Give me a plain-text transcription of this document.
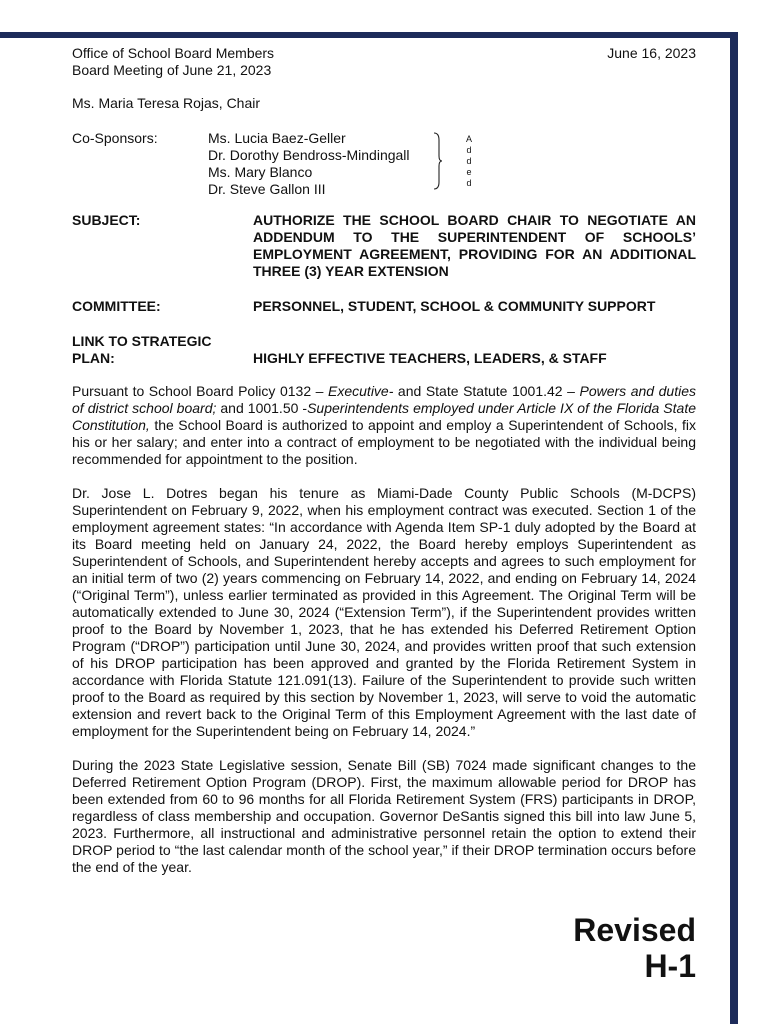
Office of School Board Members
Board Meeting of June 21, 2023
June 16, 2023
Ms. Maria Teresa Rojas, Chair
Co-Sponsors:	Ms. Lucia Baez-Geller
Dr. Dorothy Bendross-Mindingall
Ms. Mary Blanco
Dr. Steve Gallon III
A
d
d
e
d
SUBJECT:	AUTHORIZE THE SCHOOL BOARD CHAIR TO NEGOTIATE AN ADDENDUM TO THE SUPERINTENDENT OF SCHOOLS’ EMPLOYMENT AGREEMENT, PROVIDING FOR AN ADDITIONAL THREE (3) YEAR EXTENSION
COMMITTEE:	PERSONNEL, STUDENT, SCHOOL & COMMUNITY SUPPORT
LINK TO STRATEGIC PLAN:	HIGHLY EFFECTIVE TEACHERS, LEADERS, & STAFF

Pursuant to School Board Policy 0132 – Executive- and State Statute 1001.42 – Powers and duties of district school board; and 1001.50 -Superintendents employed under Article IX of the Florida State Constitution, the School Board is authorized to appoint and employ a Superintendent of Schools, fix his or her salary; and enter into a contract of employment to be negotiated with the individual being recommended for appointment to the position.

Dr. Jose L. Dotres began his tenure as Miami-Dade County Public Schools (M-DCPS) Superintendent on February 9, 2022, when his employment contract was executed. Section 1 of the employment agreement states: “In accordance with Agenda Item SP-1 duly adopted by the Board at its Board meeting held on January 24, 2022, the Board hereby employs Superintendent as Superintendent of Schools, and Superintendent hereby accepts and agrees to such employment for an initial term of two (2) years commencing on February 14, 2022, and ending on February 14, 2024 (“Original Term”), unless earlier terminated as provided in this Agreement. The Original Term will be automatically extended to June 30, 2024 (“Extension Term”), if the Superintendent provides written proof to the Board by November 1, 2023, that he has extended his Deferred Retirement Option Program (“DROP”) participation until June 30, 2024, and provides written proof that such extension of his DROP participation has been approved and granted by the Florida Retirement System in accordance with Florida Statute 121.091(13). Failure of the Superintendent to provide such written proof to the Board as required by this section by November 1, 2023, will serve to void the automatic extension and revert back to the Original Term of this Employment Agreement with the last date of employment for the Superintendent being on February 14, 2024.”

During the 2023 State Legislative session, Senate Bill (SB) 7024 made significant changes to the Deferred Retirement Option Program (DROP). First, the maximum allowable period for DROP has been extended from 60 to 96 months for all Florida Retirement System (FRS) participants in DROP, regardless of class membership and occupation. Governor DeSantis signed this bill into law June 5, 2023. Furthermore, all instructional and administrative personnel retain the option to extend their DROP period to “the last calendar month of the school year,” if their DROP termination occurs before the end of the year.

Revised
H-1
